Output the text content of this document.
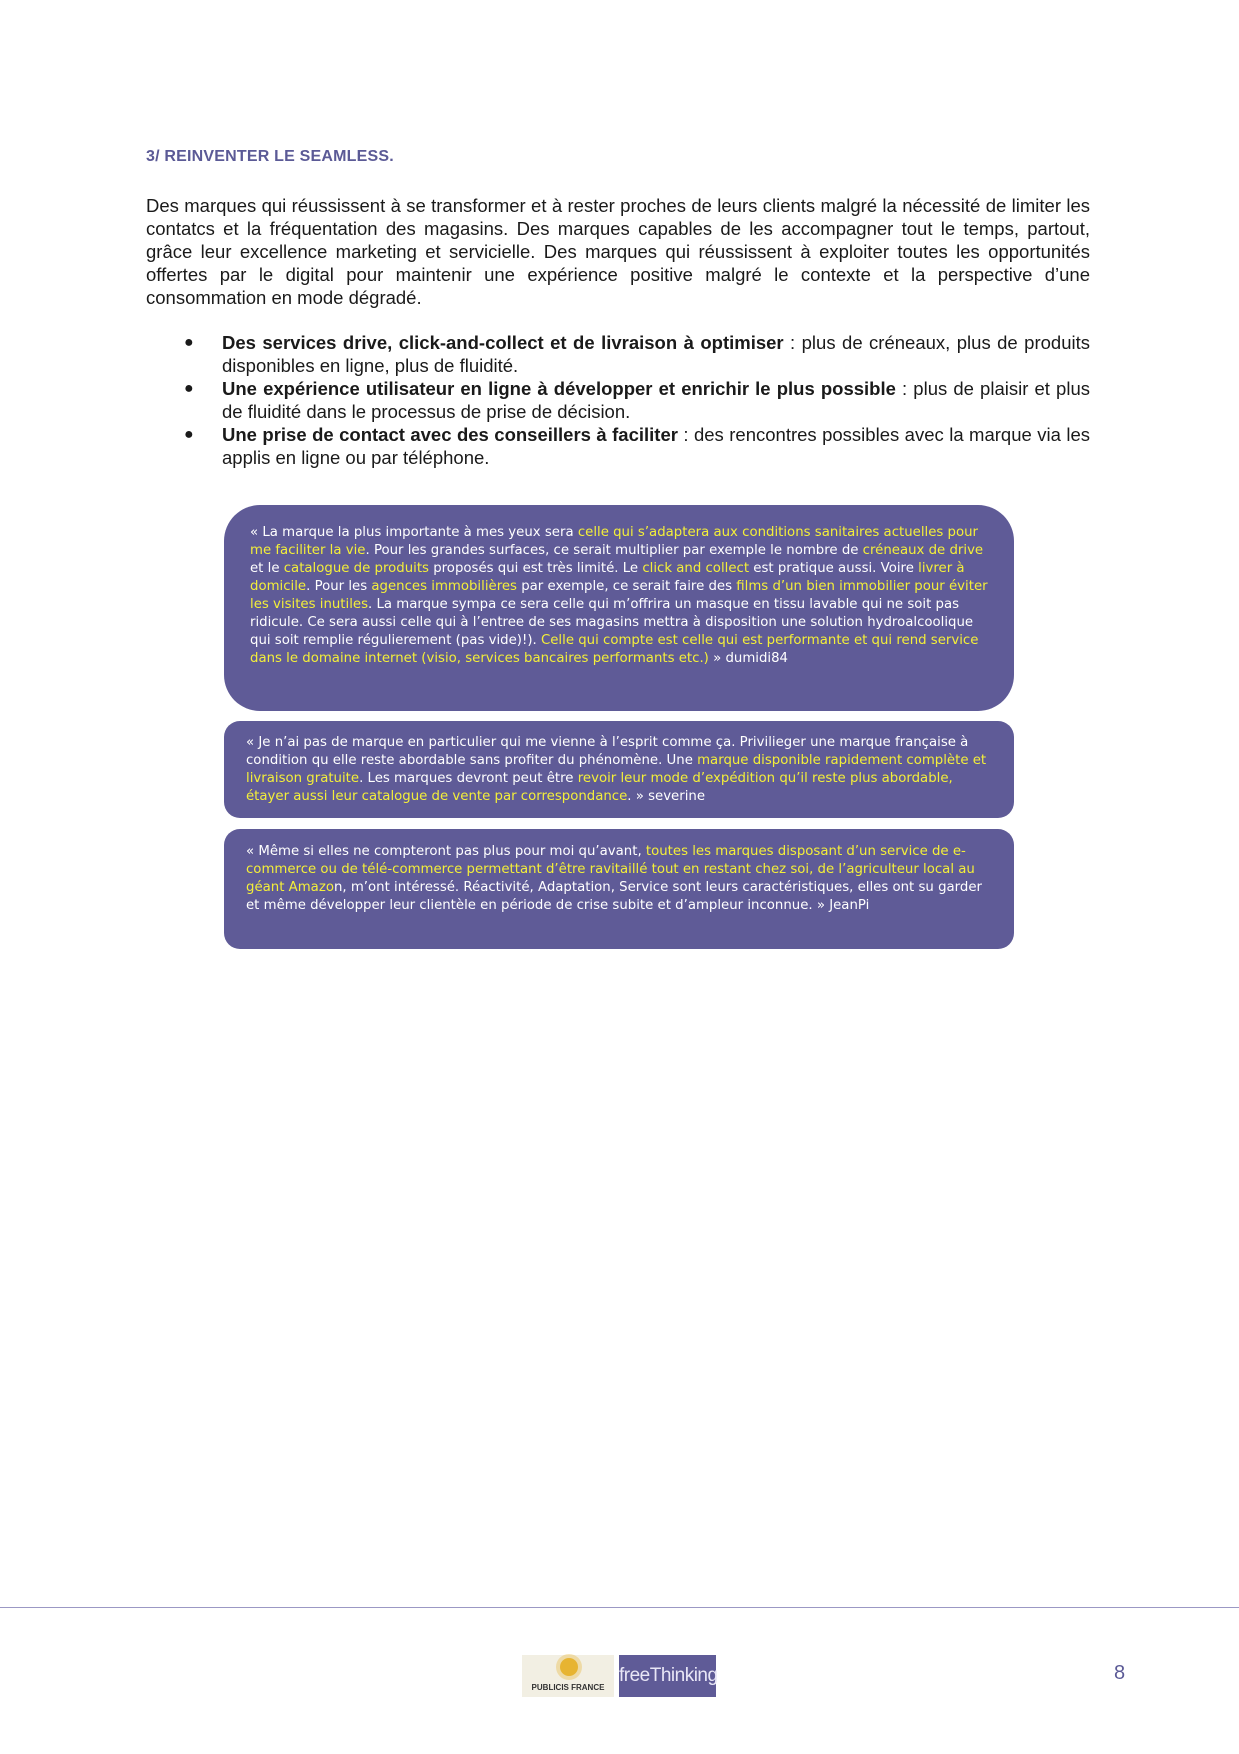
3/ REINVENTER LE SEAMLESS.

Des marques qui réussissent à se transformer et à rester proches de leurs clients malgré la nécessité de limiter les contatcs et la fréquentation des magasins. Des marques capables de les accompagner tout le temps, partout, grâce leur excellence marketing et servicielle. Des marques qui réussissent à exploiter toutes les opportunités offertes par le digital pour maintenir une expérience positive malgré le contexte et la perspective d’une consommation en mode dégradé.

● Des services drive, click-and-collect et de livraison à optimiser : plus de créneaux, plus de produits disponibles en ligne, plus de fluidité.
● Une expérience utilisateur en ligne à développer et enrichir le plus possible : plus de plaisir et plus de fluidité dans le processus de prise de décision.
● Une prise de contact avec des conseillers à faciliter : des rencontres possibles avec la marque via les applis en ligne ou par téléphone.
« La marque la plus importante à mes yeux sera celle qui s’adaptera aux conditions sanitaires actuelles pour me faciliter la vie. Pour les grandes surfaces, ce serait multiplier par exemple le nombre de créneaux de drive et le catalogue de produits proposés qui est très limité. Le click and collect est pratique aussi. Voire livrer à domicile. Pour les agences immobilières par exemple, ce serait faire des films d’un bien immobilier pour éviter les visites inutiles. La marque sympa ce sera celle qui m’offrira un masque en tissu lavable qui ne soit pas ridicule. Ce sera aussi celle qui à l’entree de ses magasins mettra à disposition une solution hydroalcoolique qui soit remplie régulierement (pas vide)!). Celle qui compte est celle qui est performante et qui rend service dans le domaine internet (visio, services bancaires performants etc.) » dumidi84
« Je n’ai pas de marque en particulier qui me vienne à l’esprit comme ça. Privilieger une marque française à condition qu elle reste abordable sans profiter du phénomène. Une marque disponible rapidement complète et livraison gratuite. Les marques devront peut être revoir leur mode d’expédition qu’il reste plus abordable, étayer aussi leur catalogue de vente par correspondance. » severine
« Même si elles ne compteront pas plus pour moi qu’avant, toutes les marques disposant d’un service de e-commerce ou de télé-commerce permettant d’être ravitaillé tout en restant chez soi, de l’agriculteur local au géant Amazon, m’ont intéressé. Réactivité, Adaptation, Service sont leurs caractéristiques, elles ont su garder et même développer leur clientèle en période de crise subite et d’ampleur inconnue. » JeanPi
PUBLICIS FRANCE
freeThinking	8
